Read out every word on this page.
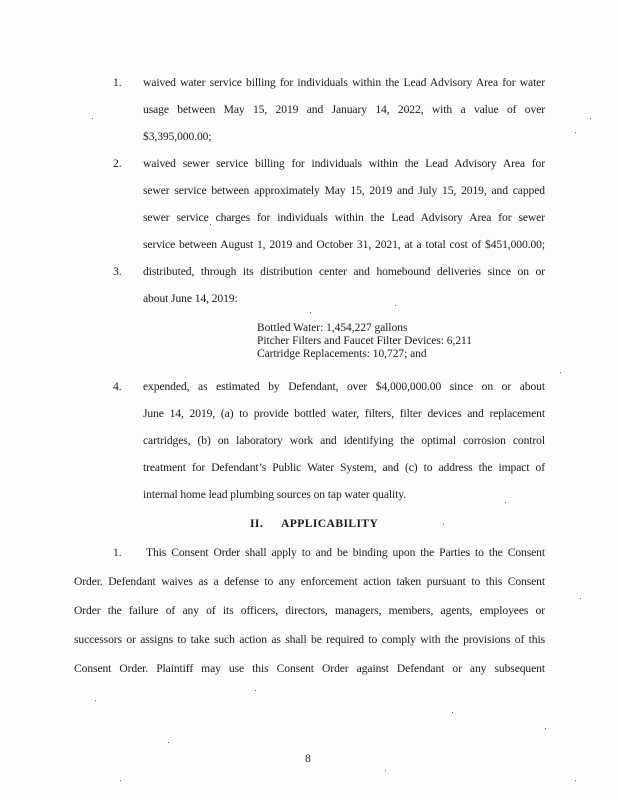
1. waived water service billing for individuals within the Lead Advisory Area for water
usage between May 15, 2019 and January 14, 2022, with a value of over
$3,395,000.00;
2. waived sewer service billing for individuals within the Lead Advisory Area for
sewer service between approximately May 15, 2019 and July 15, 2019, and capped
sewer service charges for individuals within the Lead Advisory Area for sewer
service between August 1, 2019 and October 31, 2021, at a total cost of $451,000.00;
3. distributed, through its distribution center and homebound deliveries since on or
about June 14, 2019:
Bottled Water: 1,454,227 gallons
Pitcher Filters and Faucet Filter Devices: 6,211
Cartridge Replacements: 10,727; and
4. expended, as estimated by Defendant, over $4,000,000.00 since on or about
June 14, 2019, (a) to provide bottled water, filters, filter devices and replacement
cartridges, (b) on laboratory work and identifying the optimal corrosion control
treatment for Defendant’s Public Water System, and (c) to address the impact of
internal home lead plumbing sources on tap water quality.
II. APPLICABILITY
1. This Consent Order shall apply to and be binding upon the Parties to the Consent
Order. Defendant waives as a defense to any enforcement action taken pursuant to this Consent
Order the failure of any of its officers, directors, managers, members, agents, employees or
successors or assigns to take such action as shall be required to comply with the provisions of this
Consent Order. Plaintiff may use this Consent Order against Defendant or any subsequent
8
